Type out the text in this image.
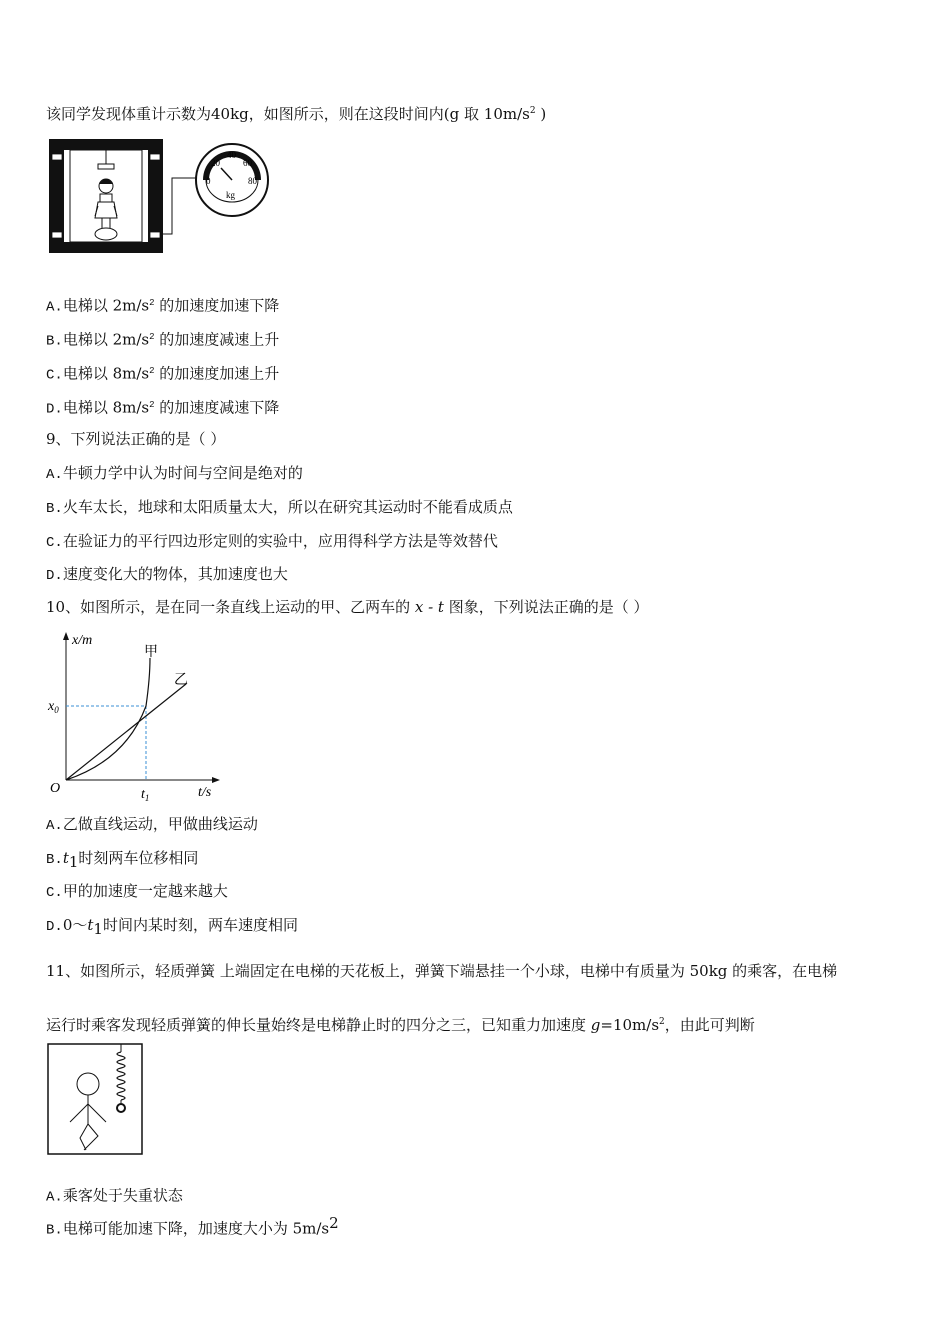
该同学发现体重计示数为40kg，如图所示，则在这段时间内(g 取 $10m/s^2$ )
0
20
40
60
80
kg
A.电梯以 $2m/s^2$ 的加速度加速下降
B.电梯以 $2m/s^2$ 的加速度减速上升
C.电梯以 $8m/s^2$ 的加速度加速上升
D.电梯以 $8m/s^2$ 的加速度减速下降
9、下列说法正确的是（ ）
A.牛顿力学中认为时间与空间是绝对的
B.火车太长，地球和太阳质量太大，所以在研究其运动时不能看成质点
C.在验证力的平行四边形定则的实验中，应用得科学方法是等效替代
D.速度变化大的物体，其加速度也大
10、如图所示，是在同一条直线上运动的甲、乙两车的 x - t 图象，下列说法正确的是（ ）
x/m
t/s
O
$x_0$
$t_1$
乙
甲
A.乙做直线运动，甲做曲线运动
$B.t_1$时刻两车位移相同
C.甲的加速度一定越来越大
$D.0\sim t_1$时间内某时刻，两车速度相同
11、如图所示，轻质弹簧 上端固定在电梯的天花板上，弹簧下端悬挂一个小球，电梯中有质量为 50kg 的乘客，在电梯
运行时乘客发现轻质弹簧的伸长量始终是电梯静止时的四分之三，已知重力加速度 $g=10m/s^2$，由此可判断
A.乘客处于失重状态
B.电梯可能加速下降，加速度大小为 $5m/s^2$
